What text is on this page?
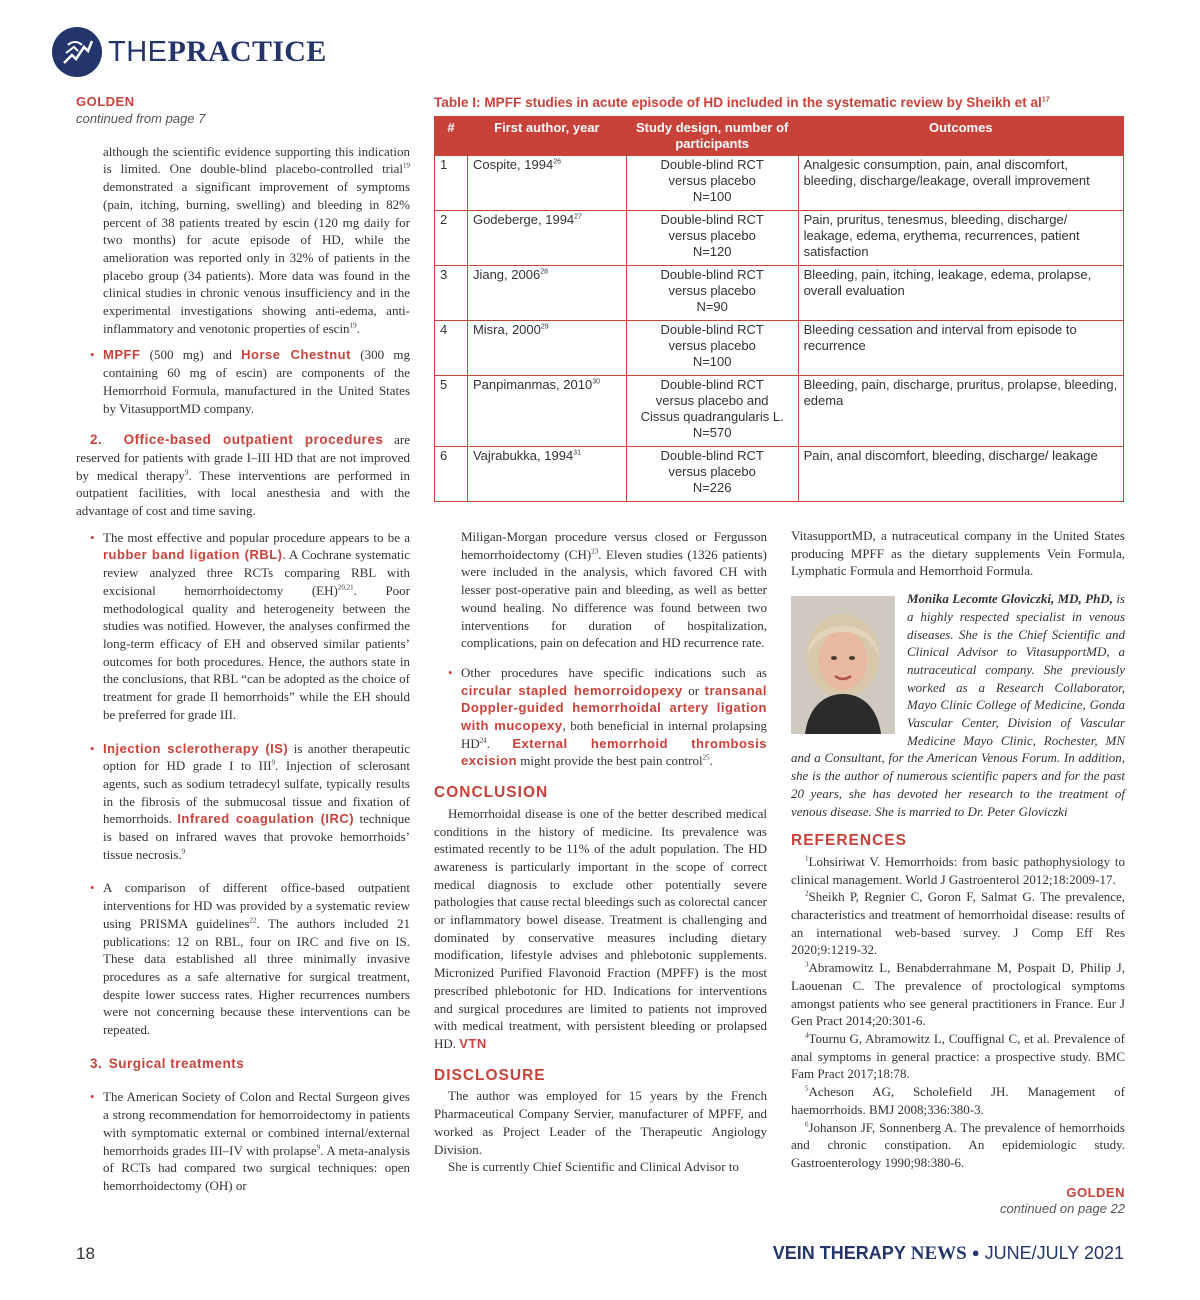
THEPRACTICE
GOLDEN
continued from page 7

although the scientific evidence supporting this indication is limited. One double-blind placebo-controlled trial$^{19}$ demonstrated a significant improvement of symptoms (pain, itching, burning, swelling) and bleeding in 82% percent of 38 patients treated by escin (120 mg daily for two months) for acute episode of HD, while the amelioration was reported only in 32% of patients in the placebo group (34 patients). More data was found in the clinical studies in chronic venous insufficiency and in the experimental investigations showing anti-edema, anti-inflammatory and venotonic properties of escin$^{19}$.

• MPFF (500 mg) and Horse Chestnut (300 mg containing 60 mg of escin) are components of the Hemorrhoid Formula, manufactured in the United States by VitasupportMD company.

2. Office-based outpatient procedures are reserved for patients with grade I–III HD that are not improved by medical therapy$^9$. These interventions are performed in outpatient facilities, with local anesthesia and with the advantage of cost and time saving.

• The most effective and popular procedure appears to be a rubber band ligation (RBL). A Cochrane systematic review analyzed three RCTs comparing RBL with excisional hemorrhoidectomy (EH)$^{20,21}$. Poor methodological quality and heterogeneity between the studies was notified. However, the analyses confirmed the long-term efficacy of EH and observed similar patients’ outcomes for both procedures. Hence, the authors state in the conclusions, that RBL “can be adopted as the choice of treatment for grade II hemorrhoids” while the EH should be preferred for grade III.
• Injection sclerotherapy (IS) is another therapeutic option for HD grade I to III$^9$. Injection of sclerosant agents, such as sodium tetradecyl sulfate, typically results in the fibrosis of the submucosal tissue and fixation of hemorrhoids. Infrared coagulation (IRC) technique is based on infrared waves that provoke hemorrhoids’ tissue necrosis.$^9$
• A comparison of different office-based outpatient interventions for HD was provided by a systematic review using PRISMA guidelines$^{22}$. The authors included 21 publications: 12 on RBL, four on IRC and five on IS. These data established all three minimally invasive procedures as a safe alternative for surgical treatment, despite lower success rates. Higher recurrences numbers were not concerning because these interventions can be repeated.

3. Surgical treatments

• The American Society of Colon and Rectal Surgeon gives a strong recommendation for hemorroidectomy in patients with symptomatic external or combined internal/external hemorrhoids grades III–IV with prolapse$^9$. A meta-analysis of RCTs had compared two surgical techniques: open hemorrhoidectomy (OH) or
Table I: MPFF studies in acute episode of HD included in the systematic review by Sheikh et $al^{17}$
#	First author, year	Study design, number of participants	Outcomes
1	Cospite, 1994$^{26}$	Double-blind RCT
versus placebo
N=100	Analgesic consumption, pain, anal discomfort, bleeding, discharge/leakage, overall improvement
2	Godeberge, 1994$^{27}$	Double-blind RCT
versus placebo
N=120	Pain, pruritus, tenesmus, bleeding, discharge/ leakage, edema, erythema, recurrences, patient satisfaction
3	Jiang, 2006$^{28}$	Double-blind RCT
versus placebo
N=90	Bleeding, pain, itching, leakage, edema, prolapse, overall evaluation
4	Misra, 2000$^{29}$	Double-blind RCT
versus placebo
N=100	Bleeding cessation and interval from episode to recurrence
5	Panpimanmas, 2010$^{30}$	Double-blind RCT
versus placebo and
Cissus quadrangularis L.
N=570	Bleeding, pain, discharge, pruritus, prolapse, bleeding, edema
6	Vajrabukka, 1994$^{31}$	Double-blind RCT
versus placebo
N=226	Pain, anal discomfort, bleeding, discharge/ leakage

Miligan-Morgan procedure versus closed or Fergusson hemorrhoidectomy (CH)$^{23}$. Eleven studies (1326 patients) were included in the analysis, which favored CH with lesser post-operative pain and bleeding, as well as better wound healing. No difference was found between two interventions for duration of hospitalization, complications, pain on defecation and HD recurrence rate.

• Other procedures have specific indications such as circular stapled hemorroidopexy or transanal Doppler-guided hemorrhoidal artery ligation with mucopexy, both beneficial in internal prolapsing HD$^{24}$. External hemorrhoid thrombosis excision might provide the best pain control$^{25}$.
CONCLUSION

Hemorrhoidal disease is one of the better described medical conditions in the history of medicine. Its prevalence was estimated recently to be 11% of the adult population. The HD awareness is particularly important in the scope of correct medical diagnosis to exclude other potentially severe pathologies that cause rectal bleedings such as colorectal cancer or inflammatory bowel disease. Treatment is challenging and dominated by conservative measures including dietary modification, lifestyle advises and phlebotonic supplements. Micronized Purified Flavonoid Fraction (MPFF) is the most prescribed phlebotonic for HD. Indications for interventions and surgical procedures are limited to patients not improved with medical treatment, with persistent bleeding or prolapsed HD. VTN

DISCLOSURE

The author was employed for 15 years by the French Pharmaceutical Company Servier, manufacturer of MPFF, and worked as Project Leader of the Therapeutic Angiology Division.

She is currently Chief Scientific and Clinical Advisor to

VitasupportMD, a nutraceutical company in the United States producing MPFF as the dietary supplements Vein Formula, Lymphatic Formula and Hemorrhoid Formula.

Monika Lecomte Gloviczki, MD, PhD, is a highly respected specialist in venous diseases. She is the Chief Scientific and Clinical Advisor to VitasupportMD, a nutraceutical company. She previously worked as a Research Collaborator, Mayo Clinic College of Medicine, Gonda Vascular Center, Division of Vascular Medicine Mayo Clinic, Rochester, MN and a Consultant, for the American Venous Forum. In addition, she is the author of numerous scientific papers and for the past 20 years, she has devoted her research to the treatment of venous disease. She is married to Dr. Peter Gloviczki

REFERENCES

$^1$Lohsiriwat V. Hemorrhoids: from basic pathophysiology to clinical management. World J Gastroenterol 2012;18:2009-17.

$^2$Sheikh P, Regnier C, Goron F, Salmat G. The prevalence, characteristics and treatment of hemorrhoidal disease: results of an international web-based survey. J Comp Eff Res 2020;9:1219-32.

$^3$Abramowitz L, Benabderrahmane M, Pospait D, Philip J, Laouenan C. The prevalence of proctological symptoms amongst patients who see general practitioners in France. Eur J Gen Pract 2014;20:301-6.

$^4$Tournu G, Abramowitz L, Couffignal C, et al. Prevalence of anal symptoms in general practice: a prospective study. BMC Fam Pract 2017;18:78.

$^5$Acheson AG, Scholefield JH. Management of haemorrhoids. BMJ 2008;336:380-3.

$^6$Johanson JF, Sonnenberg A. The prevalence of hemorrhoids and chronic constipation. An epidemiologic study. Gastroenterology 1990;98:380-6.

GOLDEN
continued on page 22
18	VEIN THERAPY NEWS ● JUNE/JULY 2021
